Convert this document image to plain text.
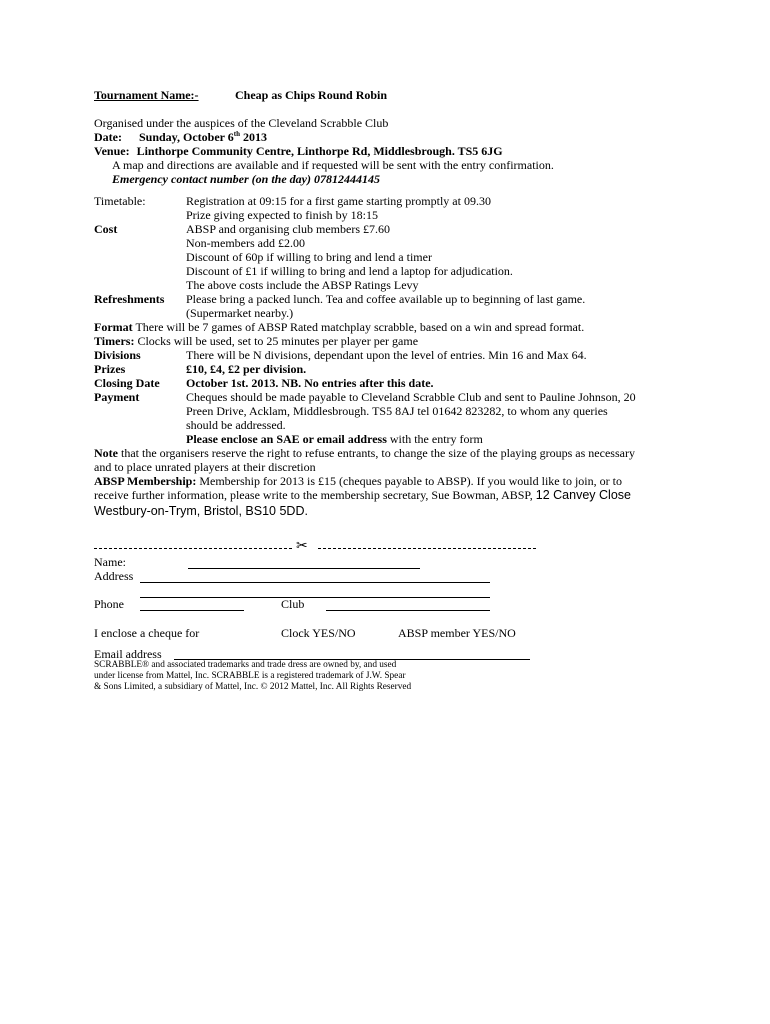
Tournament Name:-	Cheap as Chips Round Robin
Organised under the auspices of the Cleveland Scrabble Club
Date: Sunday, October 6th 2013
Venue: Linthorpe Community Centre, Linthorpe Rd, Middlesbrough. TS5 6JG
A map and directions are available and if requested will be sent with the entry confirmation.
Emergency contact number (on the day) 07812444145
Timetable:	Registration at 09:15 for a first game starting promptly at 09.30
Prize giving expected to finish by 18:15
Cost	ABSP and organising club members £7.60
Non-members add £2.00
Discount of 60p if willing to bring and lend a timer
Discount of £1 if willing to bring and lend a laptop for adjudication.
The above costs include the ABSP Ratings Levy
Refreshments Please bring a packed lunch. Tea and coffee available up to beginning of last game.
(Supermarket nearby.)
Format There will be 7 games of ABSP Rated matchplay scrabble, based on a win and spread format.
Timers: Clocks will be used, set to 25 minutes per player per game
Divisions	There will be N divisions, dependant upon the level of entries. Min 16 and Max 64.
Prizes	£10, £4, £2 per division.
Closing Date October 1st. 2013. NB. No entries after this date.
Payment	Cheques should be made payable to Cleveland Scrabble Club and sent to Pauline Johnson, 20
Preen Drive, Acklam, Middlesbrough. TS5 8AJ tel 01642 823282, to whom any queries
should be addressed.
Please enclose an SAE or email address with the entry form
Note that the organisers reserve the right to refuse entrants, to change the size of the playing groups as necessary
and to place unrated players at their discretion
ABSP Membership: Membership for 2013 is £15 (cheques payable to ABSP). If you would like to join, or to
receive further information, please write to the membership secretary, Sue Bowman, ABSP, 12 Canvey Close
Westbury-on-Trym, Bristol, BS10 5DD.
✂
Name:
Address
Phone	Club
I enclose a cheque for	Clock YES/NO	ABSP member YES/NO
Email address
SCRABBLE® and associated trademarks and trade dress are owned by, and used
under license from Mattel, Inc. SCRABBLE is a registered trademark of J.W. Spear
& Sons Limited, a subsidiary of Mattel, Inc. © 2012 Mattel, Inc. All Rights Reserved
